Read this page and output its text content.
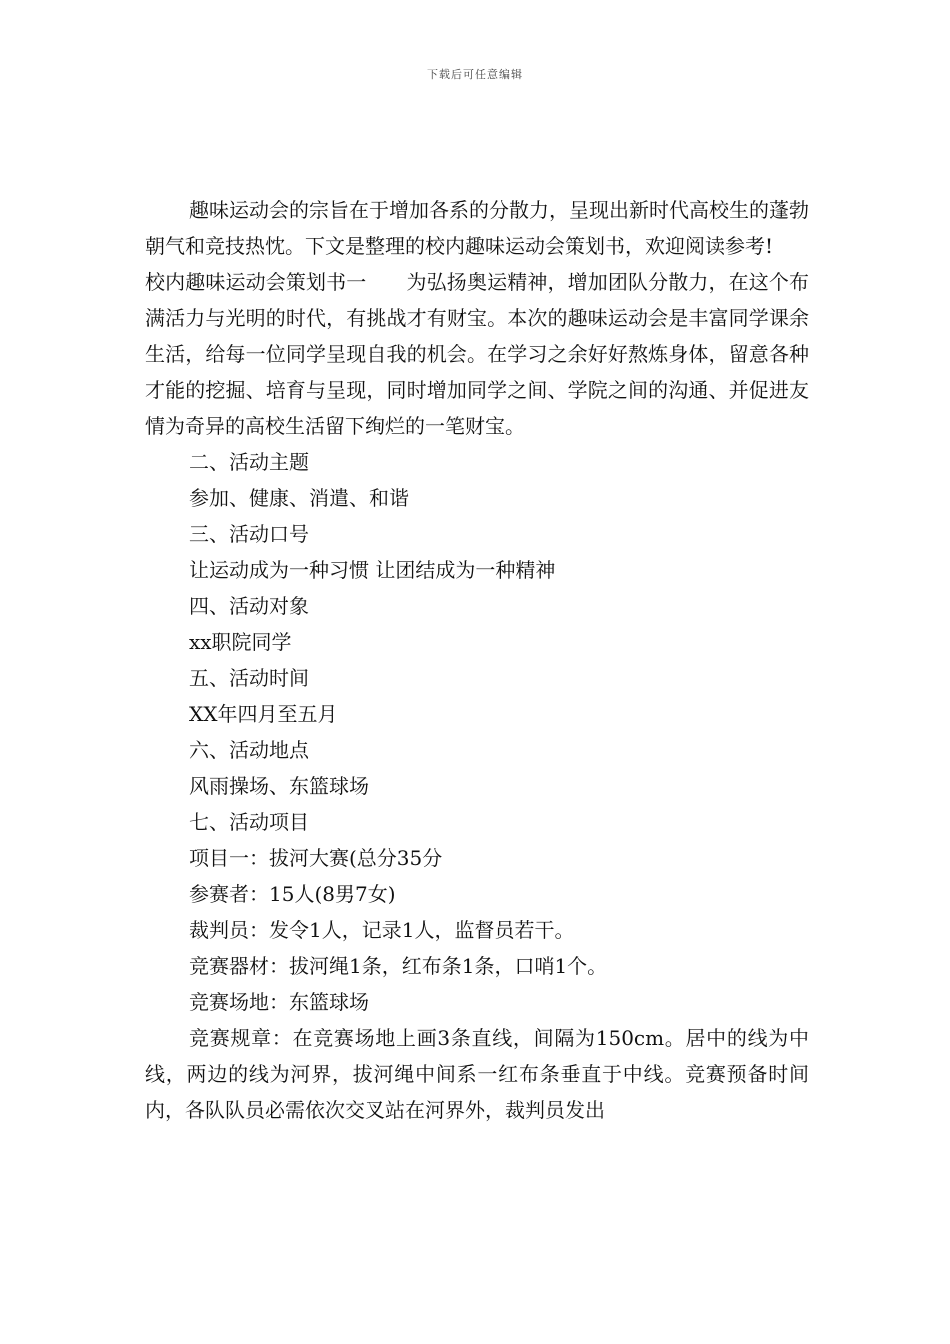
下载后可任意编辑

趣味运动会的宗旨在于增加各系的分散力，呈现出新时代高校生的蓬勃朝气和竞技热忱。下文是整理的校内趣味运动会策划书，欢迎阅读参考!

校内趣味运动会策划书一 为弘扬奥运精神，增加团队分散力，在这个布满活力与光明的时代，有挑战才有财宝。本次的趣味运动会是丰富同学课余生活，给每一位同学呈现自我的机会。在学习之余好好熬炼身体，留意各种才能的挖掘、培育与呈现，同时增加同学之间、学院之间的沟通、并促进友情为奇异的高校生活留下绚烂的一笔财宝。

二、活动主题

参加、健康、消遣、和谐

三、活动口号

让运动成为一种习惯 让团结成为一种精神

四、活动对象

xx职院同学

五、活动时间

XX年四月至五月

六、活动地点

风雨操场、东篮球场

七、活动项目

项目一：拔河大赛(总分35分

参赛者：15人(8男7女)

裁判员：发令1人，记录1人，监督员若干。

竞赛器材：拔河绳1条，红布条1条，口哨1个。

竞赛场地：东篮球场

竞赛规章：在竞赛场地上画3条直线，间隔为150cm。居中的线为中线，两边的线为河界，拔河绳中间系一红布条垂直于中线。竞赛预备时间内，各队队员必需依次交叉站在河界外，裁判员发出
